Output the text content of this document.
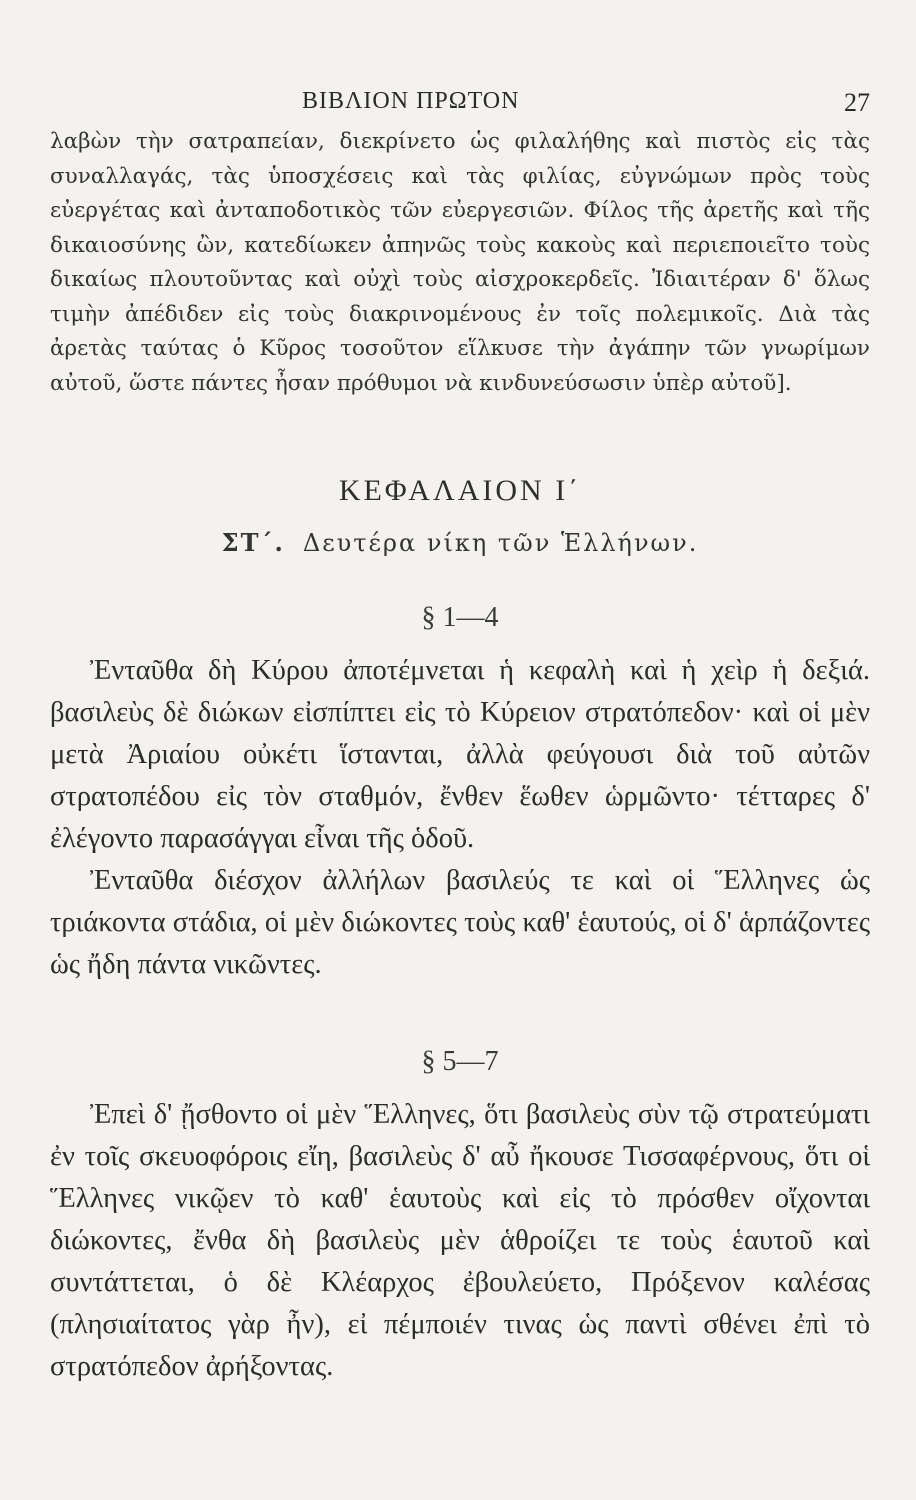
ΒΙΒΛΙΟΝ ΠΡΩΤΟΝ	27

λαβὼν τὴν σατραπείαν, διεκρίνετο ὡς φιλαλήθης καὶ πιστὸς εἰς τὰς συναλλαγάς, τὰς ὑποσχέσεις καὶ τὰς φιλίας, εὐγνώμων πρὸς τοὺς εὐεργέτας καὶ ἀνταποδοτικὸς τῶν εὐεργεσιῶν. Φίλος τῆς ἀρετῆς καὶ τῆς δικαιοσύνης ὢν, κατεδίωκεν ἀπηνῶς τοὺς κακοὺς καὶ περιεποιεῖτο τοὺς δικαίως πλουτοῦντας καὶ οὐχὶ τοὺς αἰσχροκερδεῖς. Ἰδιαιτέραν δ' ὅλως τιμὴν ἀπέδιδεν εἰς τοὺς διακρινομένους ἐν τοῖς πολεμικοῖς. Διὰ τὰς ἀρετὰς ταύτας ὁ Κῦρος τοσοῦτον εἵλκυσε τὴν ἀγάπην τῶν γνωρίμων αὐτοῦ, ὥστε πάντες ἦσαν πρόθυμοι νὰ κινδυνεύσωσιν ὑπὲρ αὐτοῦ].

ΚΕΦΑΛΑΙΟΝ Ι΄
ΣΤ΄. Δευτέρα νίκη τῶν Ἑλλήνων.
§ 1—4

Ἐνταῦθα δὴ Κύρου ἀποτέμνεται ἡ κεφαλὴ καὶ ἡ χεὶρ ἡ δεξιά. βασιλεὺς δὲ διώκων εἰσπίπτει εἰς τὸ Κύρειον στρατόπεδον· καὶ οἱ μὲν μετὰ Ἀριαίου οὐκέτι ἵστανται, ἀλλὰ φεύγουσι διὰ τοῦ αὐτῶν στρατοπέδου εἰς τὸν σταθμόν, ἔνθεν ἕωθεν ὡρμῶντο· τέτταρες δ' ἐλέγοντο παρασάγγαι εἶναι τῆς ὁδοῦ.

Ἐνταῦθα διέσχον ἀλλήλων βασιλεύς τε καὶ οἱ Ἕλληνες ὡς τριάκοντα στάδια, οἱ μὲν διώκοντες τοὺς καθ' ἑαυτούς, οἱ δ' ἁρπάζοντες ὡς ἤδη πάντα νικῶντες.

§ 5—7

Ἐπεὶ δ' ᾔσθοντο οἱ μὲν Ἕλληνες, ὅτι βασιλεὺς σὺν τῷ στρατεύματι ἐν τοῖς σκευοφόροις εἴη, βασιλεὺς δ' αὖ ἤκουσε Τισσαφέρνους, ὅτι οἱ Ἕλληνες νικῷεν τὸ καθ' ἑαυτοὺς καὶ εἰς τὸ πρόσθεν οἴχονται διώκοντες, ἔνθα δὴ βασιλεὺς μὲν ἁθροίζει τε τοὺς ἑαυτοῦ καὶ συντάττεται, ὁ δὲ Κλέαρχος ἐβουλεύετο, Πρόξενον καλέσας (πλησιαίτατος γὰρ ἦν), εἰ πέμποιέν τινας ὡς παντὶ σθένει ἐπὶ τὸ στρατόπεδον ἀρήξοντας.
